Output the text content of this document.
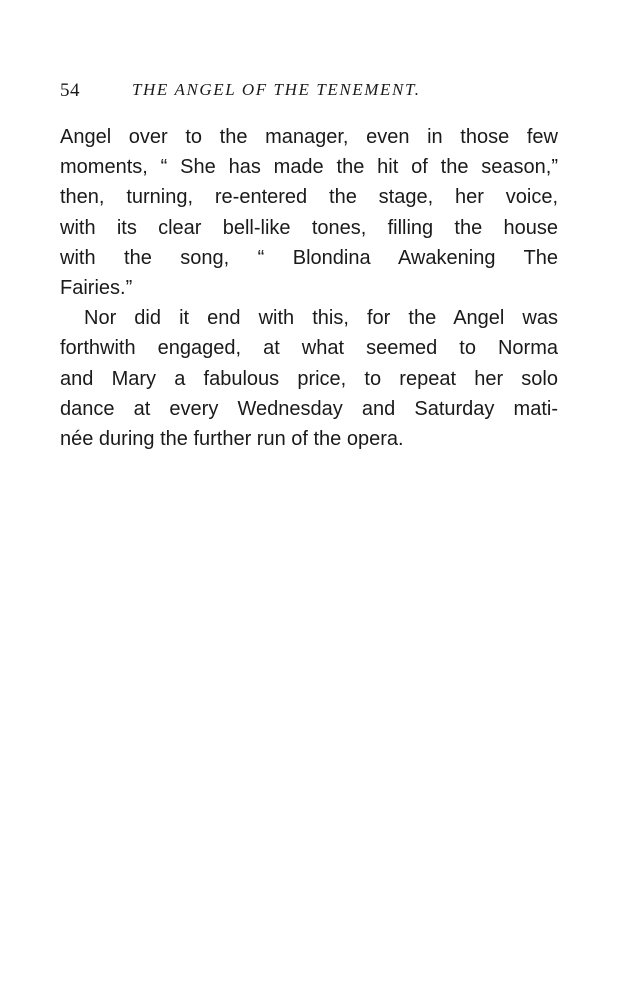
54	THE ANGEL OF THE TENEMENT.
Angel over to the manager, even in those few
moments, “ She has made the hit of the season,”
then, turning, re-entered the stage, her voice,
with its clear bell-like tones, filling the house
with the song, “ Blondina Awakening The
Fairies.”
Nor did it end with this, for the Angel was
forthwith engaged, at what seemed to Norma
and Mary a fabulous price, to repeat her solo
dance at every Wednesday and Saturday mati-
née during the further run of the opera.
